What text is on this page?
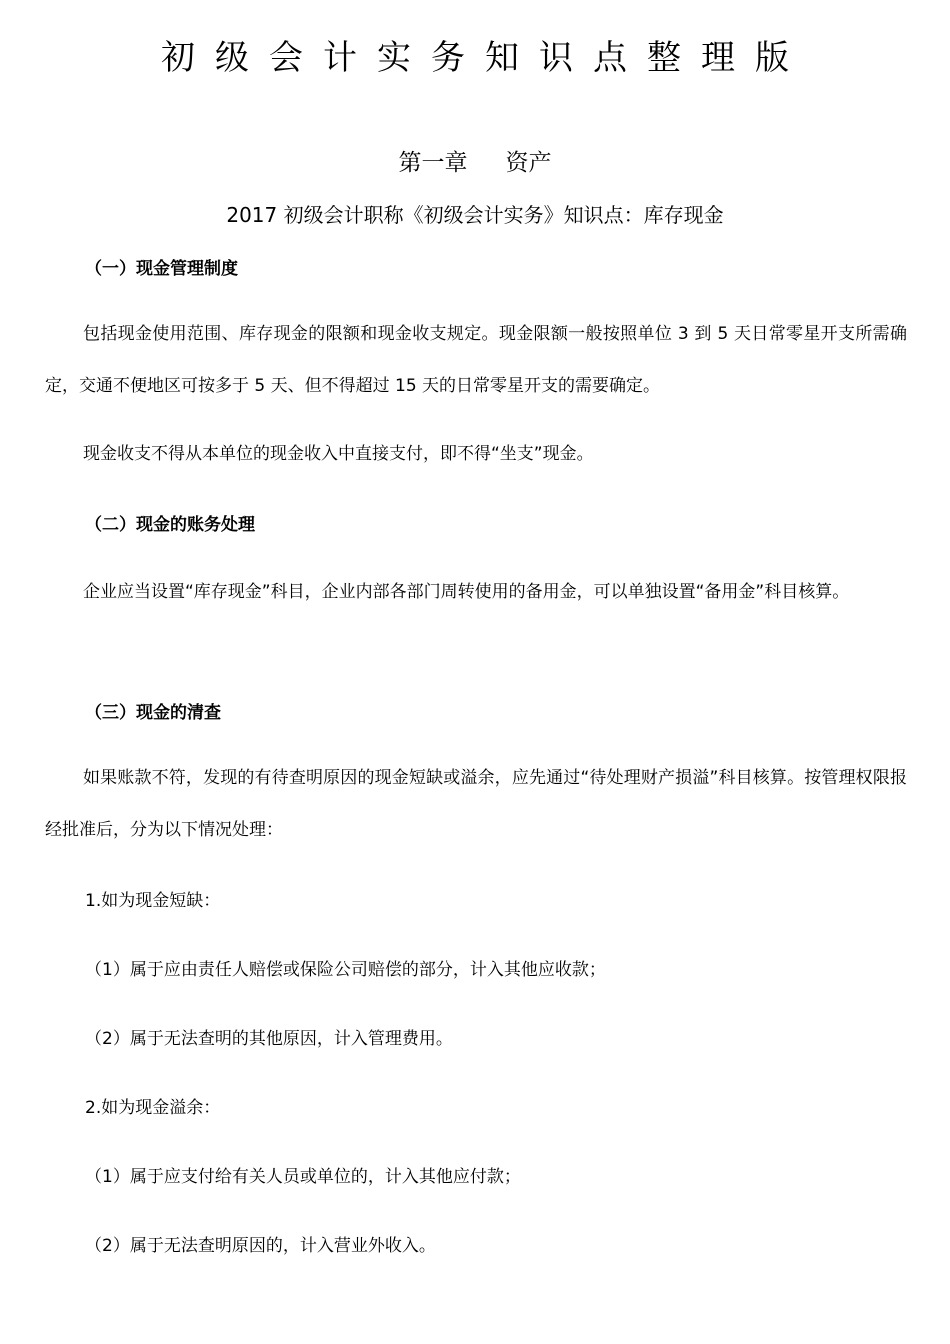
初级会计实务知识点整理版
第一章 资产
2017 初级会计职称《初级会计实务》知识点：库存现金
（一）现金管理制度
包括现金使用范围、库存现金的限额和现金收支规定。现金限额一般按照单位 3 到 5 天日常零星开支所需确定，交通不便地区可按多于 5 天、但不得超过 15 天的日常零星开支的需要确定。
现金收支不得从本单位的现金收入中直接支付，即不得“坐支”现金。
（二）现金的账务处理
企业应当设置“库存现金”科目，企业内部各部门周转使用的备用金，可以单独设置“备用金”科目核算。
（三）现金的清查
如果账款不符，发现的有待查明原因的现金短缺或溢余，应先通过“待处理财产损溢”科目核算。按管理权限报经批准后，分为以下情况处理：
1.如为现金短缺：
（1）属于应由责任人赔偿或保险公司赔偿的部分，计入其他应收款；
（2）属于无法查明的其他原因，计入管理费用。
2.如为现金溢余：
（1）属于应支付给有关人员或单位的，计入其他应付款；
（2）属于无法查明原因的，计入营业外收入。
